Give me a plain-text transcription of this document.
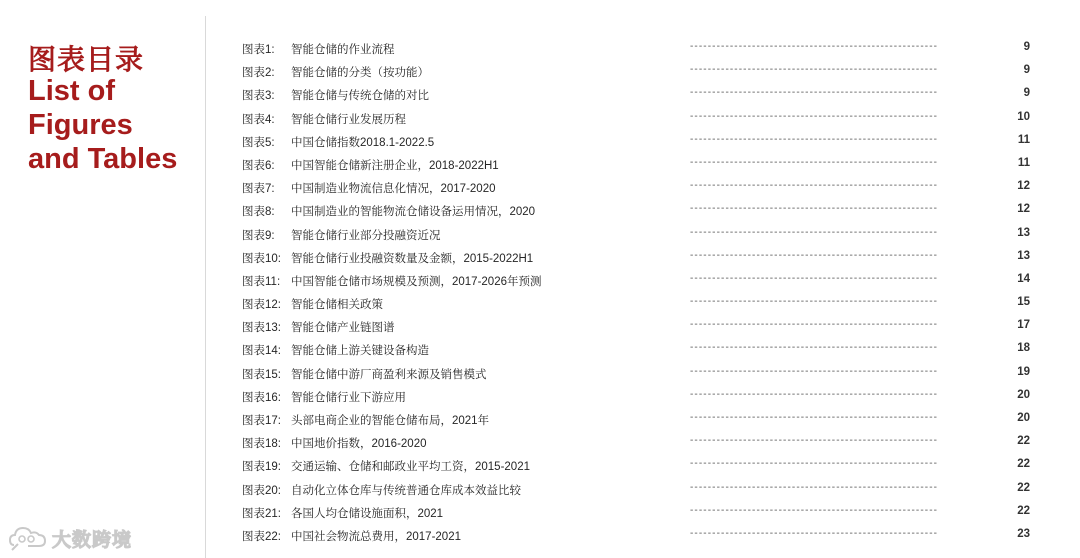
图表目录
List of
Figures
and Tables
大数跨境
图表1: 智能仓储的作业流程	--------------------------------------------------------	9
图表2: 智能仓储的分类（按功能）	--------------------------------------------------------	9
图表3: 智能仓储与传统仓储的对比	--------------------------------------------------------	9
图表4: 智能仓储行业发展历程	--------------------------------------------------------	10
图表5: 中国仓储指数2018.1-2022.5	--------------------------------------------------------	11
图表6: 中国智能仓储新注册企业，2018-2022H1	--------------------------------------------------------	11
图表7: 中国制造业物流信息化情况，2017-2020	--------------------------------------------------------	12
图表8: 中国制造业的智能物流仓储设备运用情况，2020	--------------------------------------------------------	12
图表9: 智能仓储行业部分投融资近况	--------------------------------------------------------	13
图表10: 智能仓储行业投融资数量及金额，2015-2022H1	--------------------------------------------------------	13
图表11: 中国智能仓储市场规模及预测，2017-2026年预测	--------------------------------------------------------	14
图表12: 智能仓储相关政策	--------------------------------------------------------	15
图表13: 智能仓储产业链图谱	--------------------------------------------------------	17
图表14: 智能仓储上游关键设备构造	--------------------------------------------------------	18
图表15: 智能仓储中游厂商盈利来源及销售模式	--------------------------------------------------------	19
图表16: 智能仓储行业下游应用	--------------------------------------------------------	20
图表17: 头部电商企业的智能仓储布局，2021年	--------------------------------------------------------	20
图表18: 中国地价指数，2016-2020	--------------------------------------------------------	22
图表19: 交通运输、仓储和邮政业平均工资，2015-2021	--------------------------------------------------------	22
图表20: 自动化立体仓库与传统普通仓库成本效益比较	--------------------------------------------------------	22
图表21: 各国人均仓储设施面积，2021	--------------------------------------------------------	22
图表22: 中国社会物流总费用，2017-2021	--------------------------------------------------------	23
